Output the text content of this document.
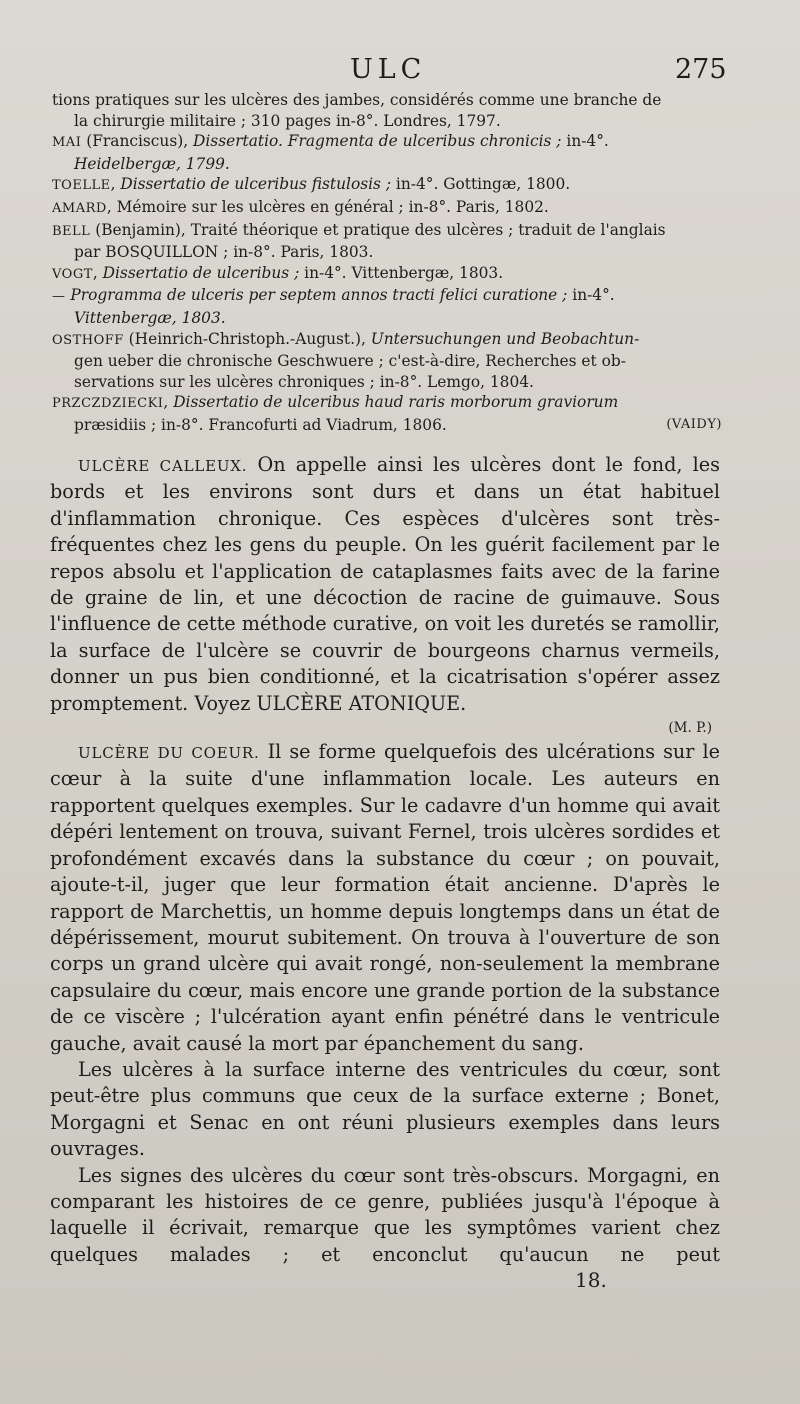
ULC	275
tions pratiques sur les ulcères des jambes, considérés comme une branche de
la chirurgie militaire ; 310 pages in-8°. Londres, 1797.
MAI (Franciscus), Dissertatio. Fragmenta de ulceribus chronicis ; in-4°.
Heidelbergæ, 1799.
TOELLE, Dissertatio de ulceribus fistulosis ; in-4°. Gottingæ, 1800.
AMARD, Mémoire sur les ulcères en général ; in-8°. Paris, 1802.
BELL (Benjamin), Traité théorique et pratique des ulcères ; traduit de l'anglais
par BOSQUILLON ; in-8°. Paris, 1803.
VOGT, Dissertatio de ulceribus ; in-4°. Vittenbergæ, 1803.
— Programma de ulceris per septem annos tracti felici curatione ; in-4°.
Vittenbergæ, 1803.
OSTHOFF (Heinrich-Christoph.-August.), Untersuchungen und Beobachtun-
gen ueber die chronische Geschwuere ; c'est-à-dire, Recherches et ob-
servations sur les ulcères chroniques ; in-8°. Lemgo, 1804.
PRZCZDZIECKI, Dissertatio de ulceribus haud raris morborum graviorum
præsidiis ; in-8°. Francofurti ad Viadrum, 1806.	(VAIDY)

ULCÈRE CALLEUX. On appelle ainsi les ulcères dont le fond, les bords et les environs sont durs et dans un état habituel d'inflammation chronique. Ces espèces d'ulcères sont très-fréquentes chez les gens du peuple. On les guérit facilement par le repos absolu et l'application de cataplasmes faits avec de la farine de graine de lin, et une décoction de racine de guimauve. Sous l'influence de cette méthode curative, on voit les duretés se ramollir, la surface de l'ulcère se couvrir de bourgeons charnus vermeils, donner un pus bien conditionné, et la cicatrisation s'opérer assez promptement. Voyez ULCÈRE ATONIQUE.

(M. P.)

ULCÈRE DU COEUR. Il se forme quelquefois des ulcérations sur le cœur à la suite d'une inflammation locale. Les auteurs en rapportent quelques exemples. Sur le cadavre d'un homme qui avait dépéri lentement on trouva, suivant Fernel, trois ulcères sordides et profondément excavés dans la substance du cœur ; on pouvait, ajoute-t-il, juger que leur formation était ancienne. D'après le rapport de Marchettis, un homme depuis longtemps dans un état de dépérissement, mourut subitement. On trouva à l'ouverture de son corps un grand ulcère qui avait rongé, non-seulement la membrane capsulaire du cœur, mais encore une grande portion de la substance de ce viscère ; l'ulcération ayant enfin pénétré dans le ventricule gauche, avait causé la mort par épanchement du sang.

Les ulcères à la surface interne des ventricules du cœur, sont peut-être plus communs que ceux de la surface externe ; Bonet, Morgagni et Senac en ont réuni plusieurs exemples dans leurs ouvrages.

Les signes des ulcères du cœur sont très-obscurs. Morgagni, en comparant les histoires de ce genre, publiées jusqu'à l'époque à laquelle il écrivait, remarque que les symptômes varient chez quelques malades ; et enconclut qu'aucun ne peut

18.
